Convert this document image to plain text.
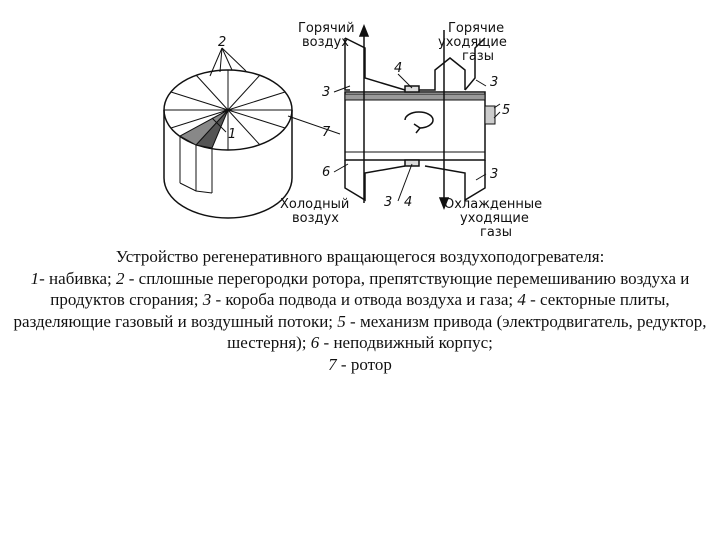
2
1
Горячий
воздух
Горячие
уходящие
газы
Холодный
воздух
Охлажденные
уходящие
газы
4
3
3
5
7
6	3
3 4
Устройство регенеративного вращающегося воздухоподогревателя:
1- набивка; 2 - сплошные перегородки ротора, препятствующие перемешиванию воздуха и продуктов сгорания; 3 - короба подвода и отвода воздуха и газа; 4 - секторные плиты, разделяющие газовый и воздушный потоки; 5 - механизм привода (электродвигатель, редуктор, шестерня); 6 - неподвижный корпус;
7 - ротор
